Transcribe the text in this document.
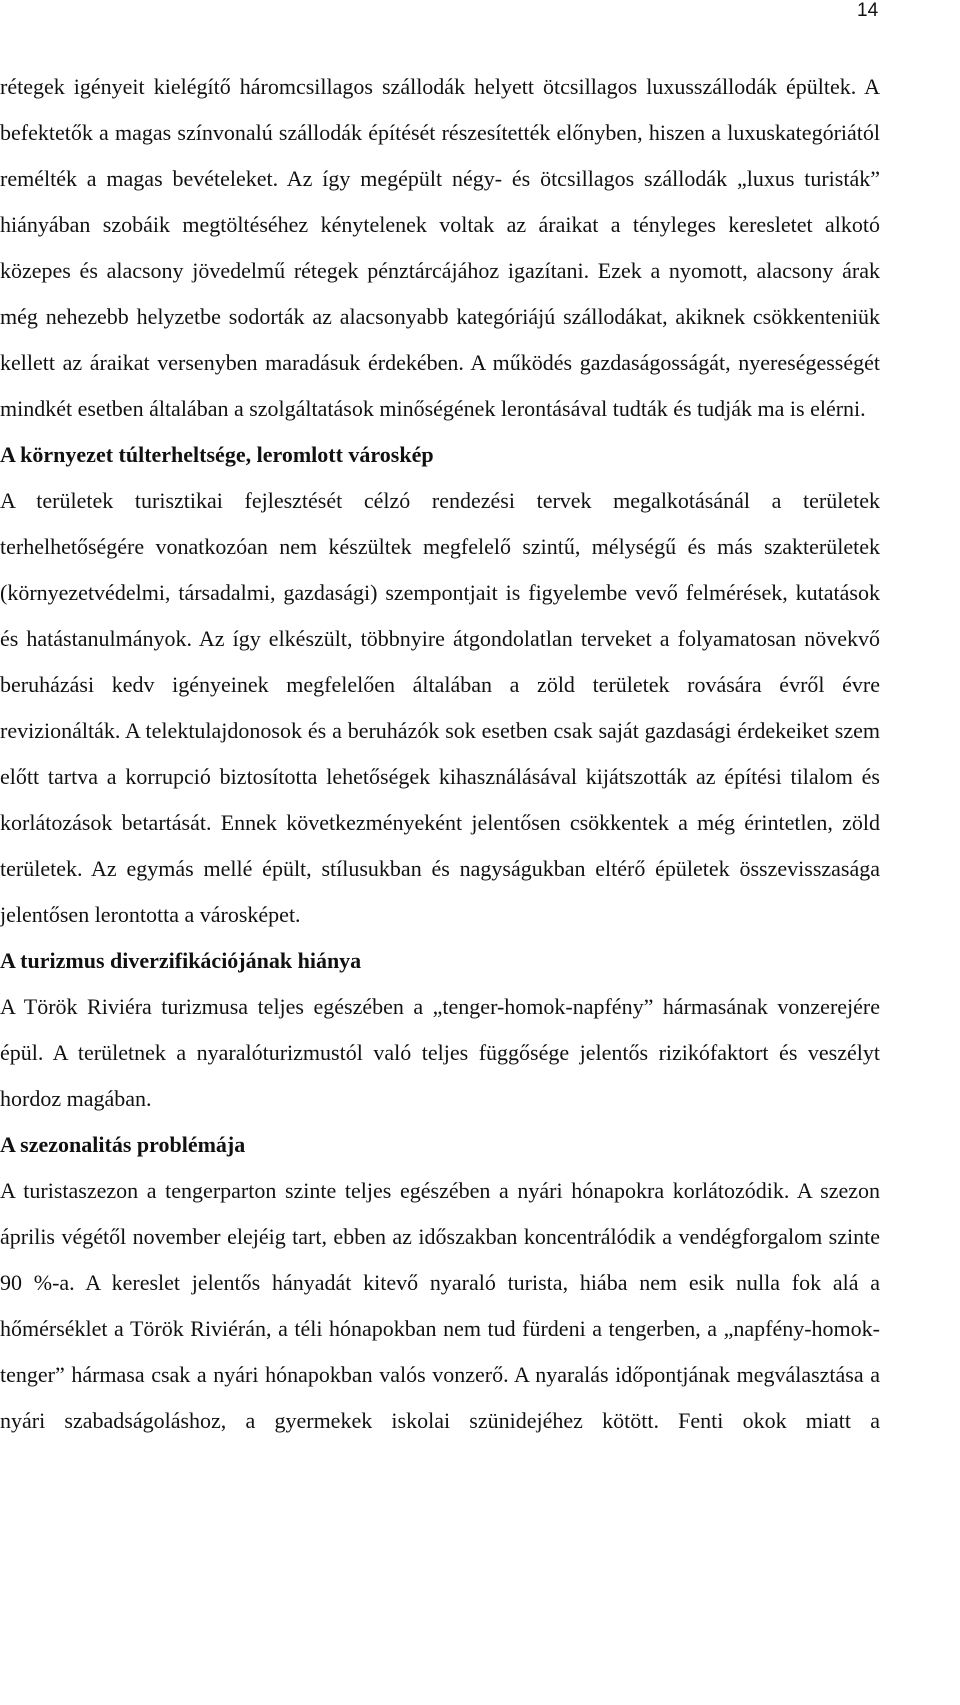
14

rétegek igényeit kielégítő háromcsillagos szállodák helyett ötcsillagos luxusszállodák épültek. A befektetők a magas színvonalú szállodák építését részesítették előnyben, hiszen a luxuskategóriától remélték a magas bevételeket. Az így megépült négy- és ötcsillagos szállodák „luxus turisták” hiányában szobáik megtöltéséhez kénytelenek voltak az áraikat a tényleges keresletet alkotó közepes és alacsony jövedelmű rétegek pénztárcájához igazítani. Ezek a nyomott, alacsony árak még nehezebb helyzetbe sodorták az alacsonyabb kategóriájú szállodákat, akiknek csökkenteniük kellett az áraikat versenyben maradásuk érdekében. A működés gazdaságosságát, nyereségességét mindkét esetben általában a szolgáltatások minőségének lerontásával tudták és tudják ma is elérni.

A környezet túlterheltsége, leromlott városkép

A területek turisztikai fejlesztését célzó rendezési tervek megalkotásánál a területek terhelhetőségére vonatkozóan nem készültek megfelelő szintű, mélységű és más szakterületek (környezetvédelmi, társadalmi, gazdasági) szempontjait is figyelembe vevő felmérések, kutatások és hatástanulmányok. Az így elkészült, többnyire átgondolatlan terveket a folyamatosan növekvő beruházási kedv igényeinek megfelelően általában a zöld területek rovására évről évre revizionálták. A telektulajdonosok és a beruházók sok esetben csak saját gazdasági érdekeiket szem előtt tartva a korrupció biztosította lehetőségek kihasználásával kijátszották az építési tilalom és korlátozások betartását. Ennek következményeként jelentősen csökkentek a még érintetlen, zöld területek. Az egymás mellé épült, stílusukban és nagyságukban eltérő épületek összevisszasága jelentősen lerontotta a városképet.

A turizmus diverzifikációjának hiánya

A Török Riviéra turizmusa teljes egészében a „tenger-homok-napfény” hármasának vonzerejére épül. A területnek a nyaralóturizmustól való teljes függősége jelentős rizikófaktort és veszélyt hordoz magában.

A szezonalitás problémája

A turistaszezon a tengerparton szinte teljes egészében a nyári hónapokra korlátozódik. A szezon április végétől november elejéig tart, ebben az időszakban koncentrálódik a vendégforgalom szinte 90 %-a. A kereslet jelentős hányadát kitevő nyaraló turista, hiába nem esik nulla fok alá a hőmérséklet a Török Riviérán, a téli hónapokban nem tud fürdeni a tengerben, a „napfény-homok-tenger” hármasa csak a nyári hónapokban valós vonzerő. A nyaralás időpontjának megválasztása a nyári szabadságoláshoz, a gyermekek iskolai szünidejéhez kötött. Fenti okok miatt a
